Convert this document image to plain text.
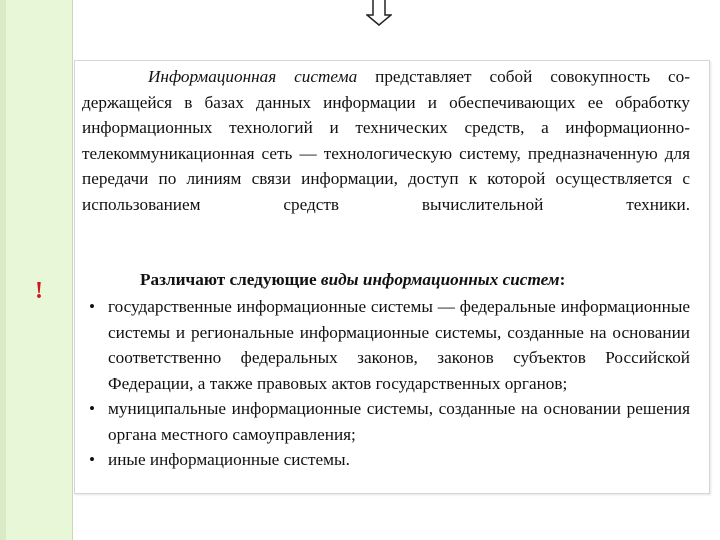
!
Информационная система представляет собой совокупность со-держащейся в базах данных информации и обеспечивающих ее обработку информационных технологий и технических средств, а информационно-телекоммуникационная сеть — технологическую систему, предназначенную для передачи по линиям связи информации, доступ к которой осуществляется с использованием средств вычислительной техники.
Различают следующие виды информационных систем:
• государственные информационные системы — федеральные информационные системы и региональные информационные системы, созданные на основании соответственно федеральных законов, законов субъектов Российской Федерации, а также правовых актов государственных органов;
• муниципальные информационные системы, созданные на основании решения органа местного самоуправления;
• иные информационные системы.
